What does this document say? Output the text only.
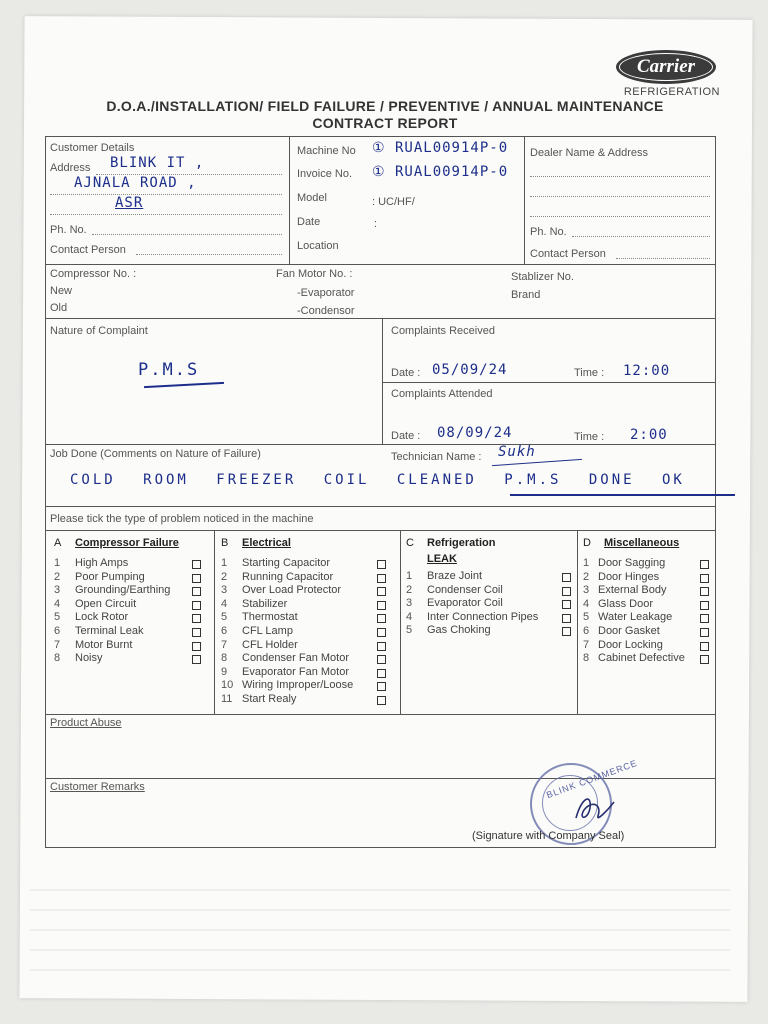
Carrier
REFRIGERATION
D.O.A./INSTALLATION/ FIELD FAILURE / PREVENTIVE / ANNUAL MAINTENANCE
CONTRACT REPORT
Customer Details
Address BLINK IT ,
AJNALA ROAD ,
ASR
Ph. No.
Contact Person
Machine No ① RUAL00914P-0
Invoice No. ① RUAL00914P-0
Model	: UC/HF/
Date	:
Location
Dealer Name & Address
Ph. No.
Contact Person
Compressor No. :
New
Old
Fan Motor No. :
-Evaporator
-Condensor
Stablizer No.
Brand
Nature of Complaint
P.M.S
Complaints Received
Date : 05/09/24	Time : 12:00
Complaints Attended
Date : 08/09/24	Time : 2:00
Job Done (Comments on Nature of Failure)	Technician Name : Sukh
COLD ROOM FREEZER COIL CLEANED P.M.S DONE OK
Please tick the type of problem noticed in the machine
A Compressor Failure
1 High Amps
2 Poor Pumping
3 Grounding/Earthing
4 Open Circuit
5 Lock Rotor
6 Terminal Leak
7 Motor Burnt
8 Noisy
B Electrical
1 Starting Capacitor
2 Running Capacitor
3 Over Load Protector
4 Stabilizer
5 Thermostat
6 CFL Lamp
7 CFL Holder
8 Condenser Fan Motor
9 Evaporator Fan Motor
10 Wiring Improper/Loose
11 Start Realy
C Refrigeration
LEAK
1 Braze Joint
2 Condenser Coil
3 Evaporator Coil
4 Inter Connection Pipes
5 Gas Choking
D Miscellaneous
1 Door Sagging
2 Door Hinges
3 External Body
4 Glass Door
5 Water Leakage
6 Door Gasket
7 Door Locking
8 Cabinet Defective
Product Abuse
Customer Remarks	BLINK COMMERCE
(Signature with Company Seal)
